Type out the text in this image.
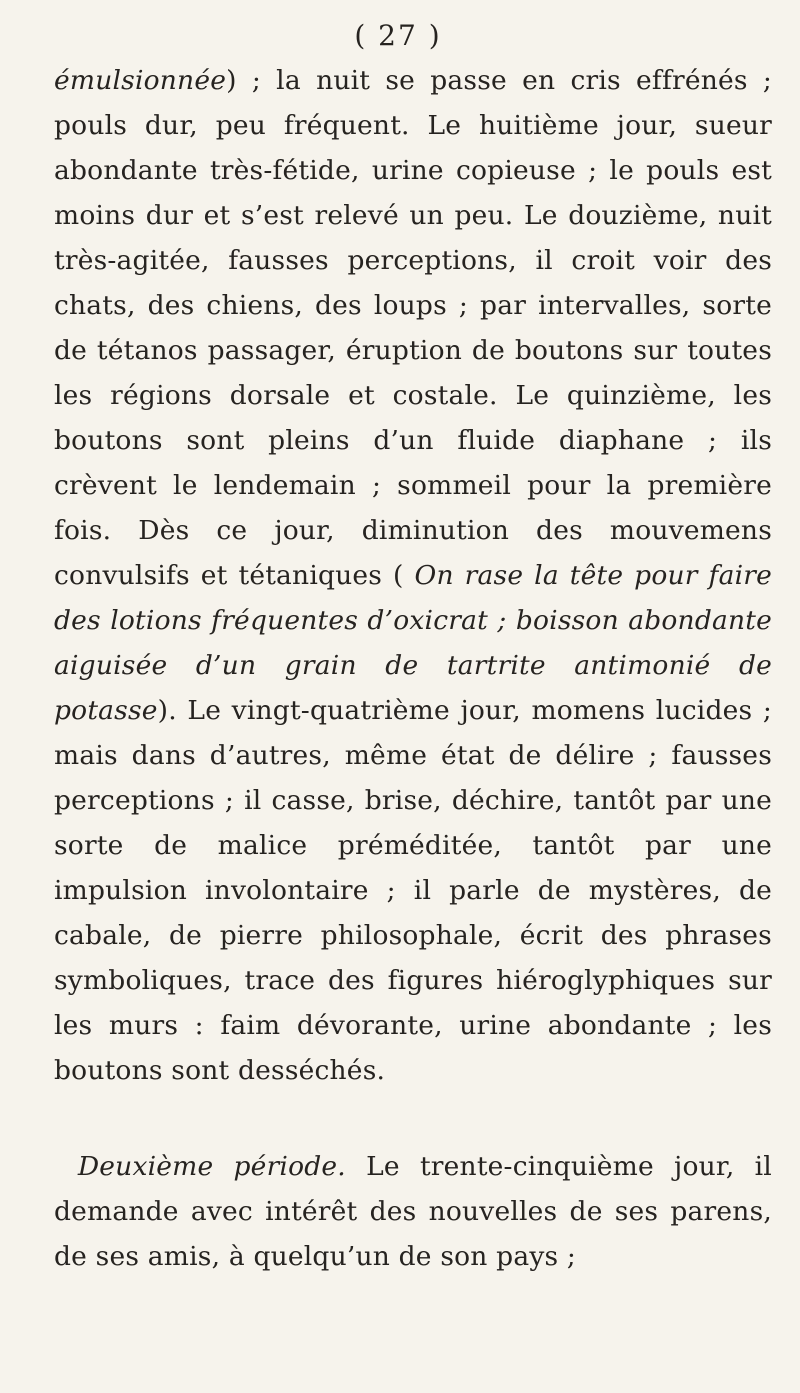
( 27 )

émulsionnée) ; la nuit se passe en cris effrénés ; pouls dur, peu fréquent. Le huitième jour, sueur abondante très-fétide, urine copieuse ; le pouls est moins dur et s’est relevé un peu. Le douzième, nuit très-agitée, fausses perceptions, il croit voir des chats, des chiens, des loups ; par intervalles, sorte de tétanos passager, éruption de boutons sur toutes les régions dorsale et costale. Le quinzième, les boutons sont pleins d’un fluide diaphane ; ils crèvent le lendemain ; sommeil pour la première fois. Dès ce jour, diminution des mouvemens convulsifs et tétaniques ( On rase la tête pour faire des lotions fréquentes d’oxicrat ; boisson abondante aiguisée d’un grain de tartrite antimonié de potasse). Le vingt-quatrième jour, momens lucides ; mais dans d’autres, même état de délire ; fausses perceptions ; il casse, brise, déchire, tantôt par une sorte de malice préméditée, tantôt par une impulsion involontaire ; il parle de mystères, de cabale, de pierre philosophale, écrit des phrases symboliques, trace des figures hiéroglyphiques sur les murs : faim dévorante, urine abondante ; les boutons sont desséchés.

Deuxième période. Le trente-cinquième jour, il demande avec intérêt des nouvelles de ses parens, de ses amis, à quelqu’un de son pays ;
